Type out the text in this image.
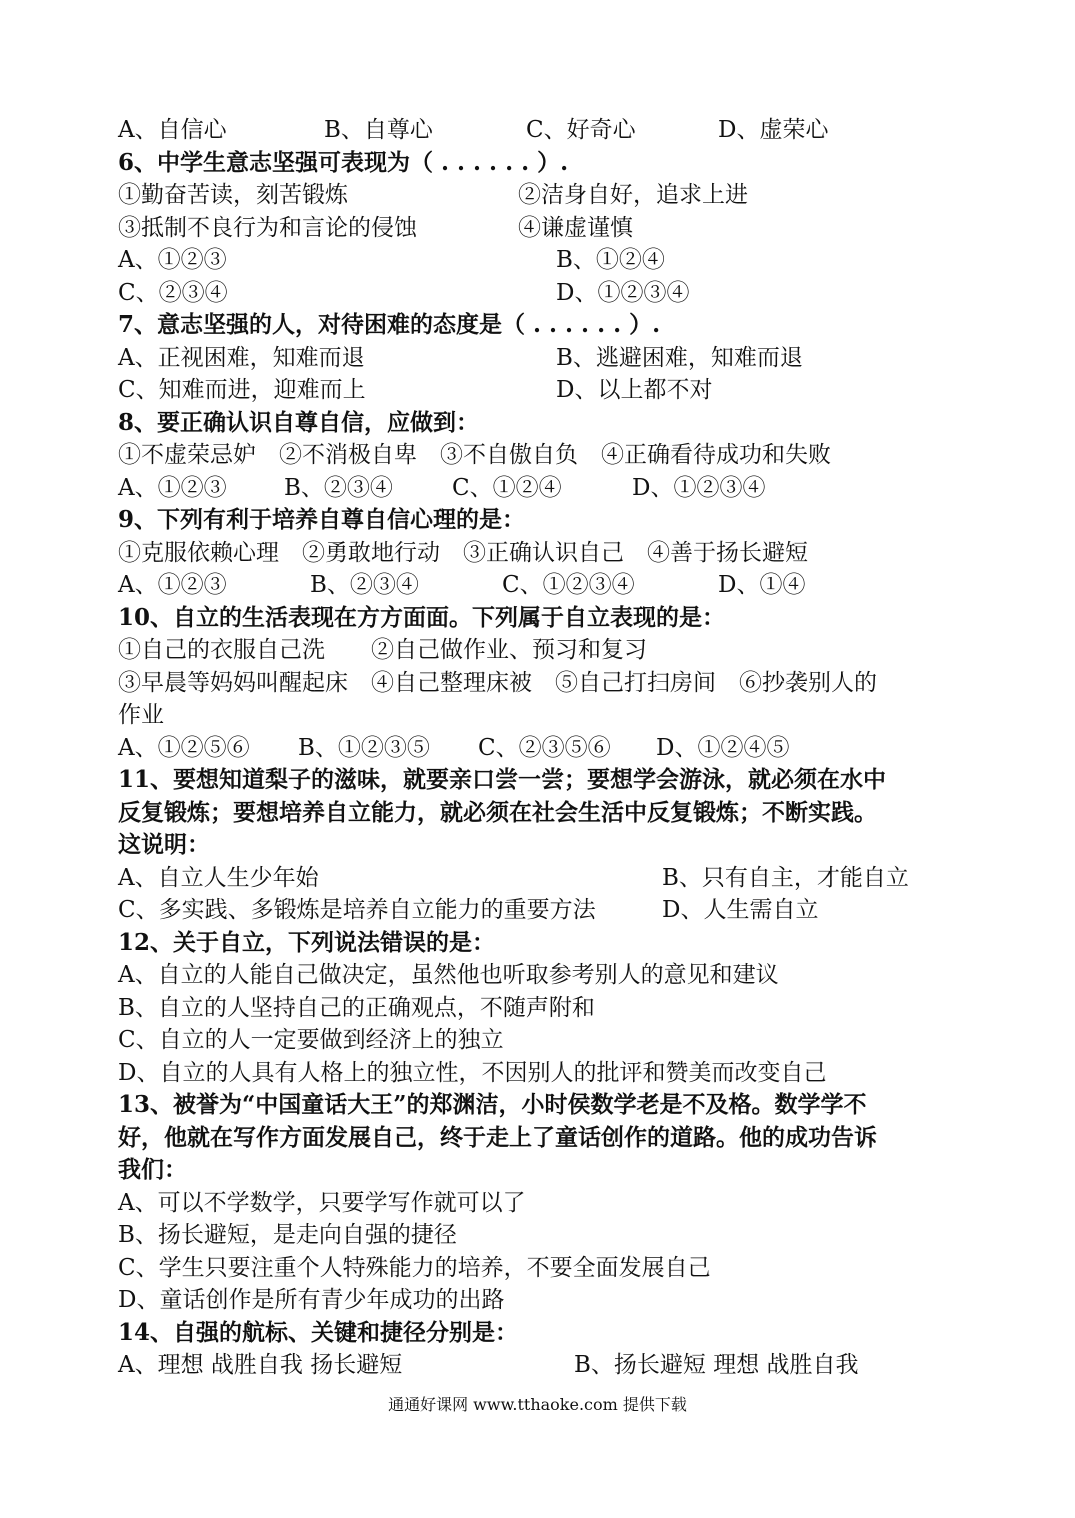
A、自信心	B、自尊心	C、好奇心	D、虚荣心
6、中学生意志坚强可表现为（ . . . . . . ）.
①勤奋苦读，刻苦锻炼	②洁身自好，追求上进
③抵制不良行为和言论的侵蚀	④谦虚谨慎
A、①②③	B、①②④
C、②③④	D、①②③④
7、意志坚强的人，对待困难的态度是（ . . . . . . ）.
A、正视困难，知难而退	B、逃避困难，知难而退
C、知难而进，迎难而上	D、以上都不对
8、要正确认识自尊自信，应做到：
①不虚荣忌妒　②不消极自卑　③不自傲自负　④正确看待成功和失败
A、①②③ B、②③④	C、①②④	D、①②③④
9、下列有利于培养自尊自信心理的是：
①克服依赖心理　②勇敢地行动　③正确认识自己　④善于扬长避短
A、①②③	B、②③④	C、①②③④	D、①④
10、自立的生活表现在方方面面。下列属于自立表现的是：
①自己的衣服自己洗　　②自己做作业、预习和复习
③早晨等妈妈叫醒起床　④自己整理床被　⑤自己打扫房间　⑥抄袭别人的
作业
A、①②⑤⑥ B、①②③⑤ C、②③⑤⑥ D、①②④⑤
11、要想知道梨子的滋味，就要亲口尝一尝；要想学会游泳，就必须在水中
反复锻炼；要想培养自立能力，就必须在社会生活中反复锻炼；不断实践。
这说明：
A、自立人生少年始	B、只有自主，才能自立
C、多实践、多锻炼是培养自立能力的重要方法	D、人生需自立
12、关于自立，下列说法错误的是：
A、自立的人能自己做决定，虽然他也听取参考别人的意见和建议
B、自立的人坚持自己的正确观点，不随声附和
C、自立的人一定要做到经济上的独立
D、自立的人具有人格上的独立性，不因别人的批评和赞美而改变自己
13、被誉为“中国童话大王”的郑渊洁，小时侯数学老是不及格。数学学不
好，他就在写作方面发展自己，终于走上了童话创作的道路。他的成功告诉
我们：
A、可以不学数学，只要学写作就可以了
B、扬长避短，是走向自强的捷径
C、学生只要注重个人特殊能力的培养，不要全面发展自己
D、童话创作是所有青少年成功的出路
14、自强的航标、关键和捷径分别是：
A、理想 战胜自我 扬长避短	B、扬长避短 理想 战胜自我
通通好课网 www.tthaoke.com 提供下载
